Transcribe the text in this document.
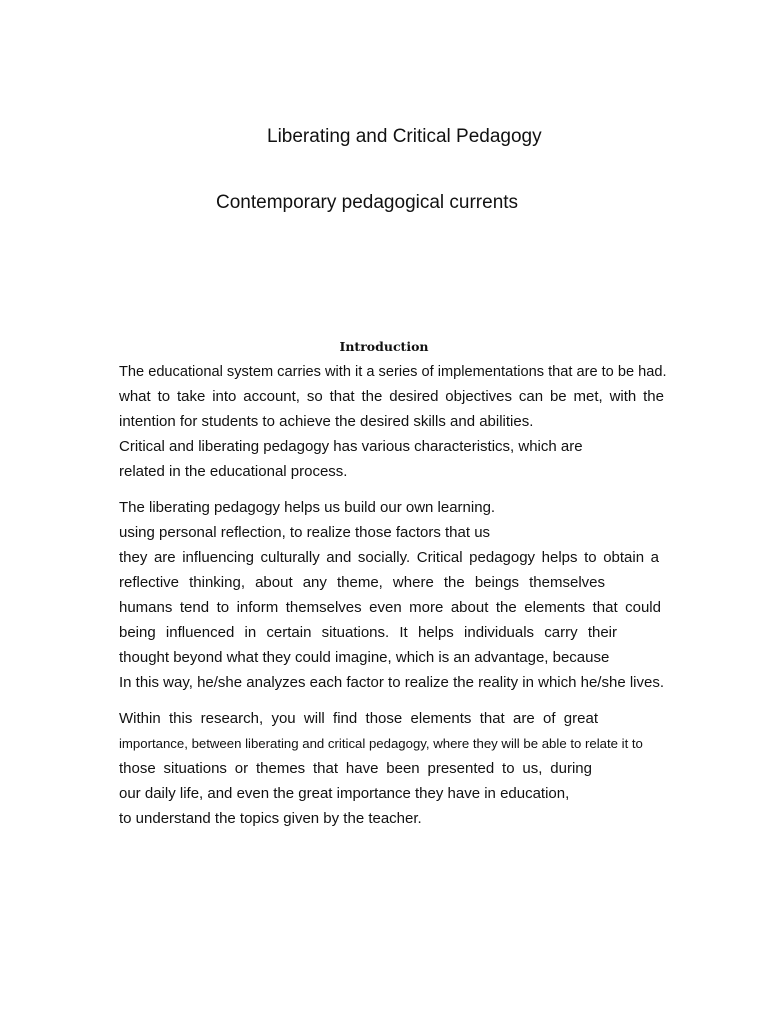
Liberating and Critical Pedagogy
Contemporary pedagogical currents
Introduction
The educational system carries with it a series of implementations that are to be had.
what to take into account, so that the desired objectives can be met, with the
intention for students to achieve the desired skills and abilities.
Critical and liberating pedagogy has various characteristics, which are
related in the educational process.
The liberating pedagogy helps us build our own learning.
using personal reflection, to realize those factors that us
they are influencing culturally and socially. Critical pedagogy helps to obtain a
reflective thinking, about any theme, where the beings themselves
humans tend to inform themselves even more about the elements that could
being influenced in certain situations. It helps individuals carry their
thought beyond what they could imagine, which is an advantage, because
In this way, he/she analyzes each factor to realize the reality in which he/she lives.
Within this research, you will find those elements that are of great
importance, between liberating and critical pedagogy, where they will be able to relate it to
those situations or themes that have been presented to us, during
our daily life, and even the great importance they have in education,
to understand the topics given by the teacher.
